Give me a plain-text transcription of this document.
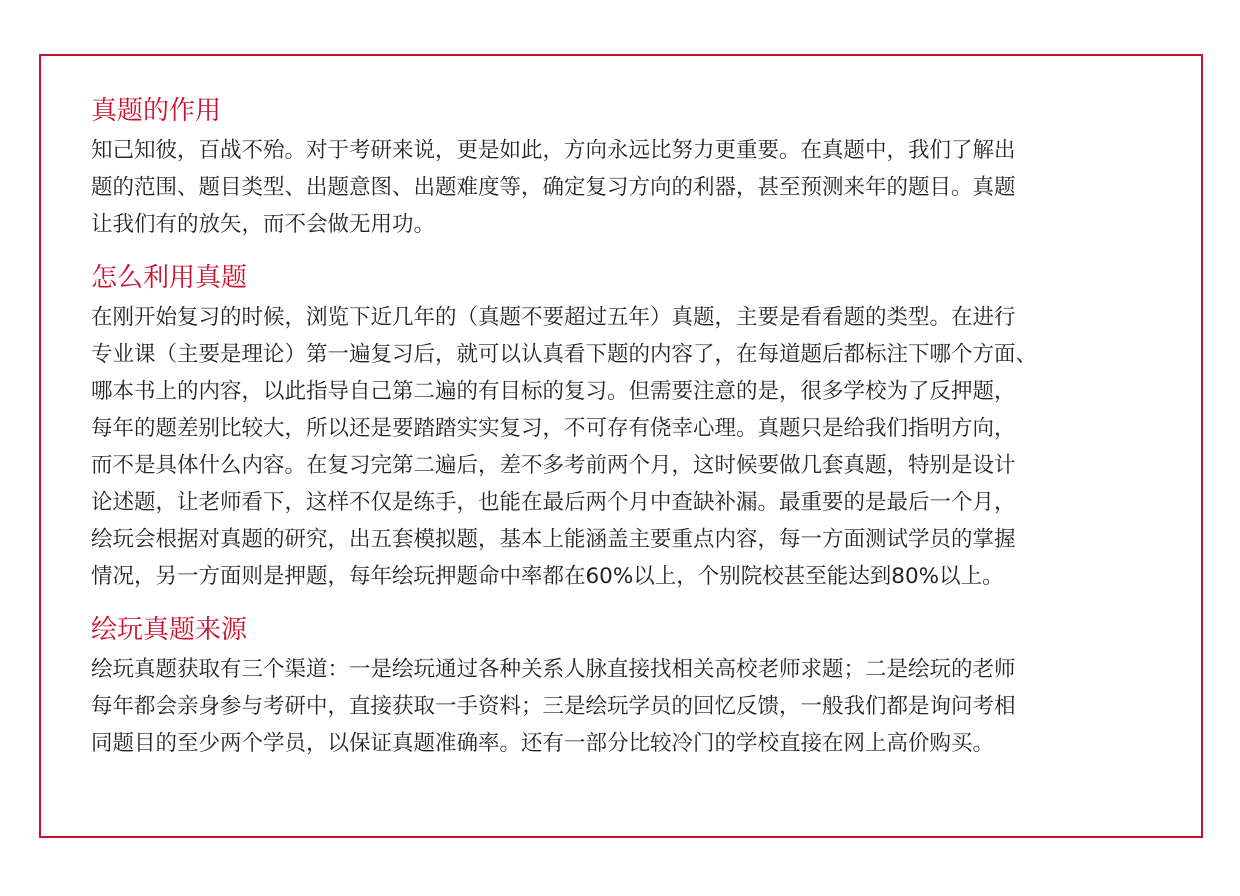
真题的作用

知己知彼，百战不殆。对于考研来说，更是如此，方向永远比努力更重要。在真题中，我们了解出
题的范围、题目类型、出题意图、出题难度等，确定复习方向的利器，甚至预测来年的题目。真题
让我们有的放矢，而不会做无用功。

怎么利用真题

在刚开始复习的时候，浏览下近几年的（真题不要超过五年）真题，主要是看看题的类型。在进行
专业课（主要是理论）第一遍复习后，就可以认真看下题的内容了，在每道题后都标注下哪个方面、
哪本书上的内容，以此指导自己第二遍的有目标的复习。但需要注意的是，很多学校为了反押题，
每年的题差别比较大，所以还是要踏踏实实复习，不可存有侥幸心理。真题只是给我们指明方向，
而不是具体什么内容。在复习完第二遍后，差不多考前两个月，这时候要做几套真题，特别是设计
论述题，让老师看下，这样不仅是练手，也能在最后两个月中查缺补漏。最重要的是最后一个月，
绘玩会根据对真题的研究，出五套模拟题，基本上能涵盖主要重点内容，每一方面测试学员的掌握
情况，另一方面则是押题，每年绘玩押题命中率都在60%以上，个别院校甚至能达到80%以上。

绘玩真题来源

绘玩真题获取有三个渠道：一是绘玩通过各种关系人脉直接找相关高校老师求题；二是绘玩的老师
每年都会亲身参与考研中，直接获取一手资料；三是绘玩学员的回忆反馈，一般我们都是询问考相
同题目的至少两个学员，以保证真题准确率。还有一部分比较冷门的学校直接在网上高价购买。
